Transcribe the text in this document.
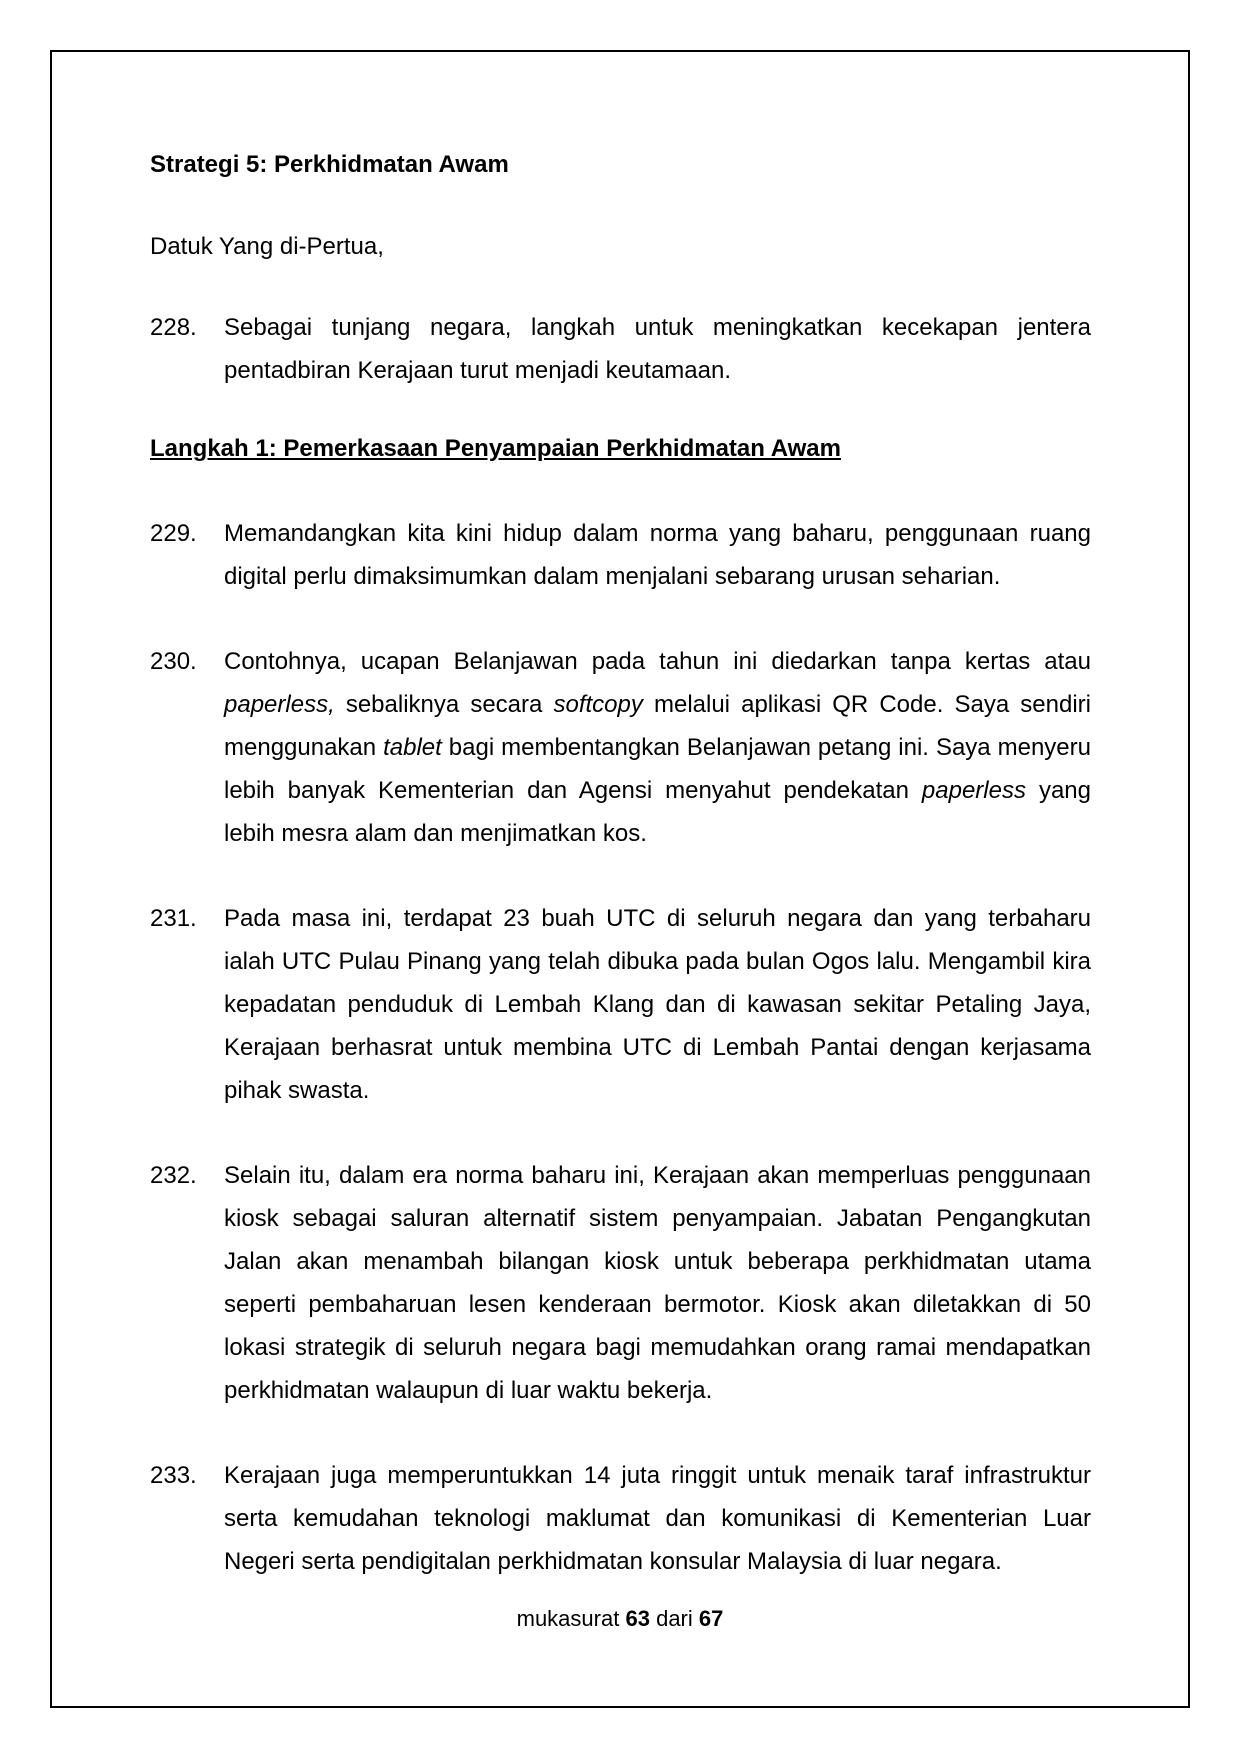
Strategi 5: Perkhidmatan Awam

Datuk Yang di-Pertua,

228.	Sebagai tunjang negara, langkah untuk meningkatkan kecekapan jentera pentadbiran Kerajaan turut menjadi keutamaan.

Langkah 1: Pemerkasaan Penyampaian Perkhidmatan Awam

229.	Memandangkan kita kini hidup dalam norma yang baharu, penggunaan ruang digital perlu dimaksimumkan dalam menjalani sebarang urusan seharian.
230.	Contohnya, ucapan Belanjawan pada tahun ini diedarkan tanpa kertas atau paperless, sebaliknya secara softcopy melalui aplikasi QR Code. Saya sendiri menggunakan tablet bagi membentangkan Belanjawan petang ini. Saya menyeru lebih banyak Kementerian dan Agensi menyahut pendekatan paperless yang lebih mesra alam dan menjimatkan kos.
231.	Pada masa ini, terdapat 23 buah UTC di seluruh negara dan yang terbaharu ialah UTC Pulau Pinang yang telah dibuka pada bulan Ogos lalu. Mengambil kira kepadatan penduduk di Lembah Klang dan di kawasan sekitar Petaling Jaya, Kerajaan berhasrat untuk membina UTC di Lembah Pantai dengan kerjasama pihak swasta.
232.	Selain itu, dalam era norma baharu ini, Kerajaan akan memperluas penggunaan kiosk sebagai saluran alternatif sistem penyampaian. Jabatan Pengangkutan Jalan akan menambah bilangan kiosk untuk beberapa perkhidmatan utama seperti pembaharuan lesen kenderaan bermotor. Kiosk akan diletakkan di 50 lokasi strategik di seluruh negara bagi memudahkan orang ramai mendapatkan perkhidmatan walaupun di luar waktu bekerja.
233.	Kerajaan juga memperuntukkan 14 juta ringgit untuk menaik taraf infrastruktur serta kemudahan teknologi maklumat dan komunikasi di Kementerian Luar Negeri serta pendigitalan perkhidmatan konsular Malaysia di luar negara.
mukasurat 63 dari 67
